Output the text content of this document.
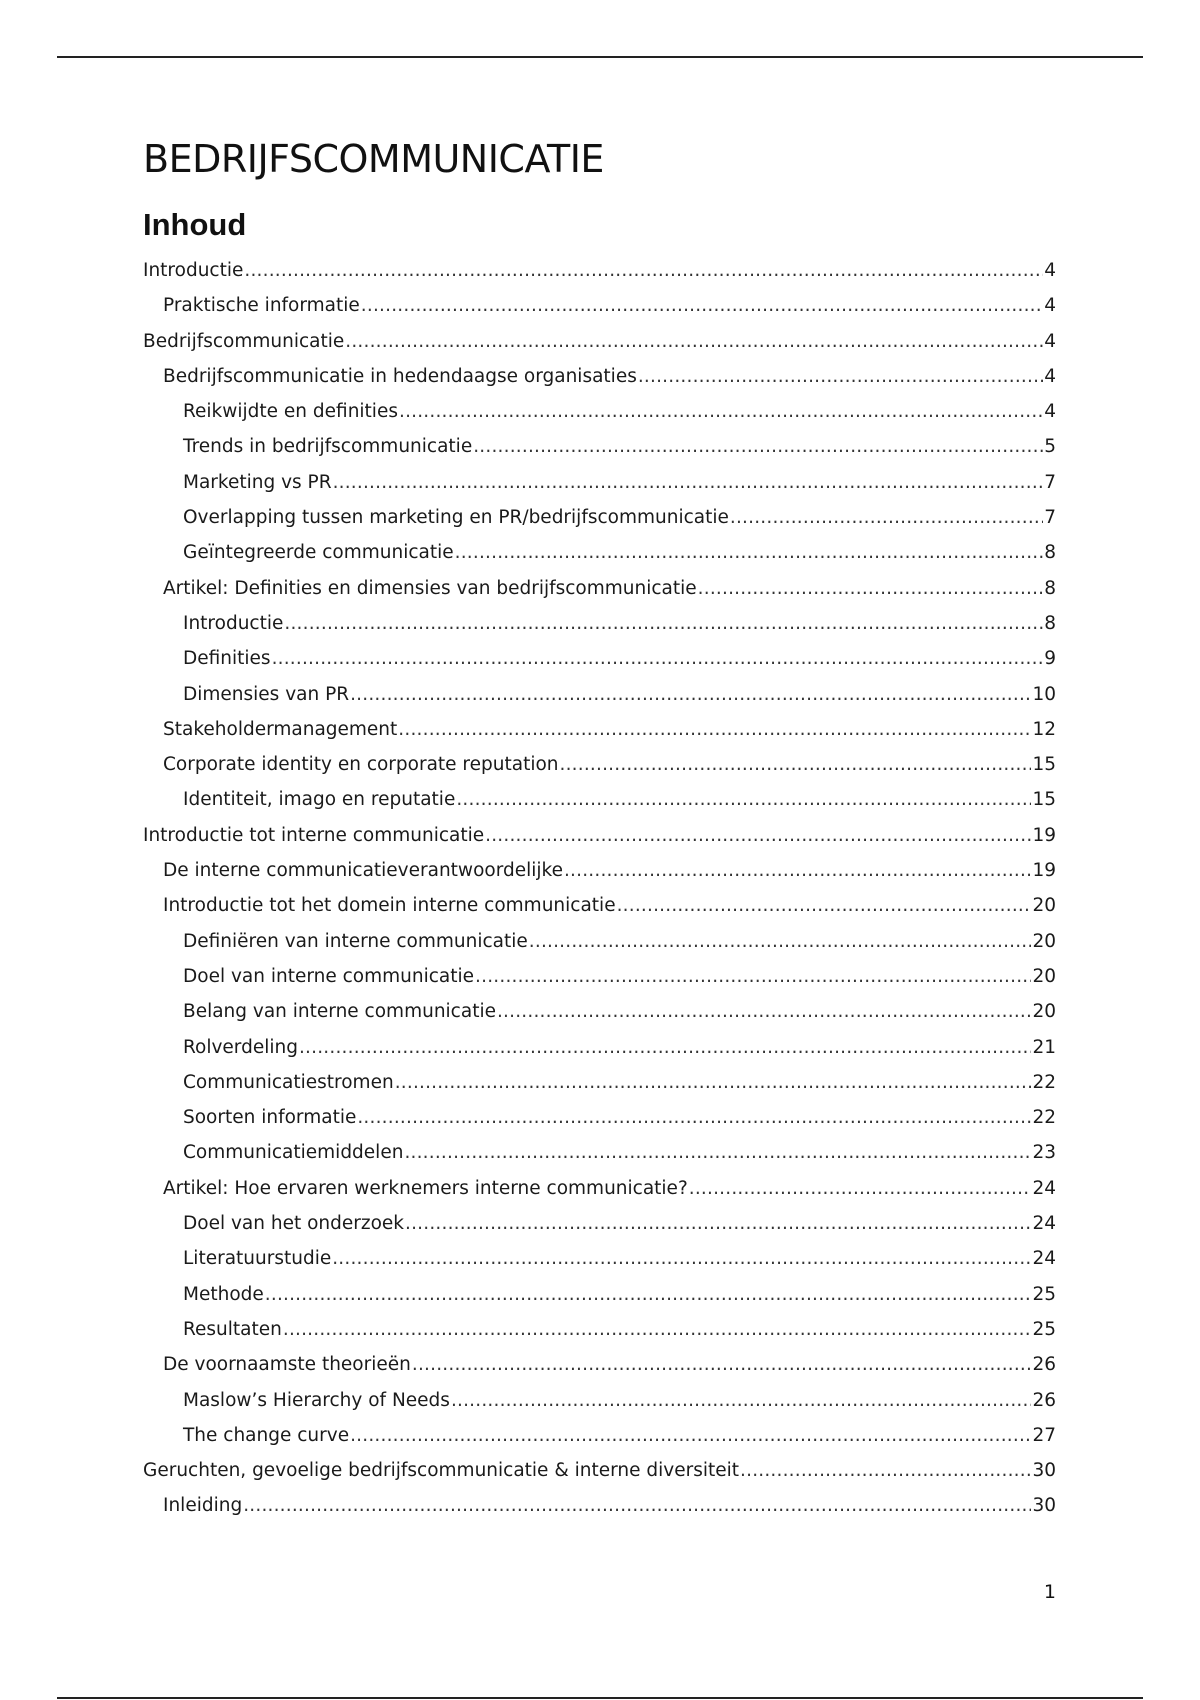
BEDRIJFSCOMMUNICATIE
Inhoud
Introductie .....	4
Praktische informatie .....	4
Bedrijfscommunicatie .....	4
Bedrijfscommunicatie in hedendaagse organisaties .....	4
Reikwijdte en definities .....	4
Trends in bedrijfscommunicatie .....	5
Marketing vs PR .....	7
Overlapping tussen marketing en PR/bedrijfscommunicatie .....	7
Geïntegreerde communicatie .....	8
Artikel: Definities en dimensies van bedrijfscommunicatie .....	8
Introductie .....	8
Definities .....	9
Dimensies van PR .....	10
Stakeholdermanagement .....	12
Corporate identity en corporate reputation .....	15
Identiteit, imago en reputatie .....	15
Introductie tot interne communicatie .....	19
De interne communicatieverantwoordelijke .....	19
Introductie tot het domein interne communicatie .....	20
Definiëren van interne communicatie .....	20
Doel van interne communicatie .....	20
Belang van interne communicatie .....	20
Rolverdeling .....	21
Communicatiestromen .....	22
Soorten informatie .....	22
Communicatiemiddelen .....	23
Artikel: Hoe ervaren werknemers interne communicatie? .....	24
Doel van het onderzoek .....	24
Literatuurstudie .....	24
Methode .....	25
Resultaten .....	25
De voornaamste theorieën .....	26
Maslow’s Hierarchy of Needs .....	26
The change curve .....	27
Geruchten, gevoelige bedrijfscommunicatie & interne diversiteit .....	30
Inleiding .....	30
1
